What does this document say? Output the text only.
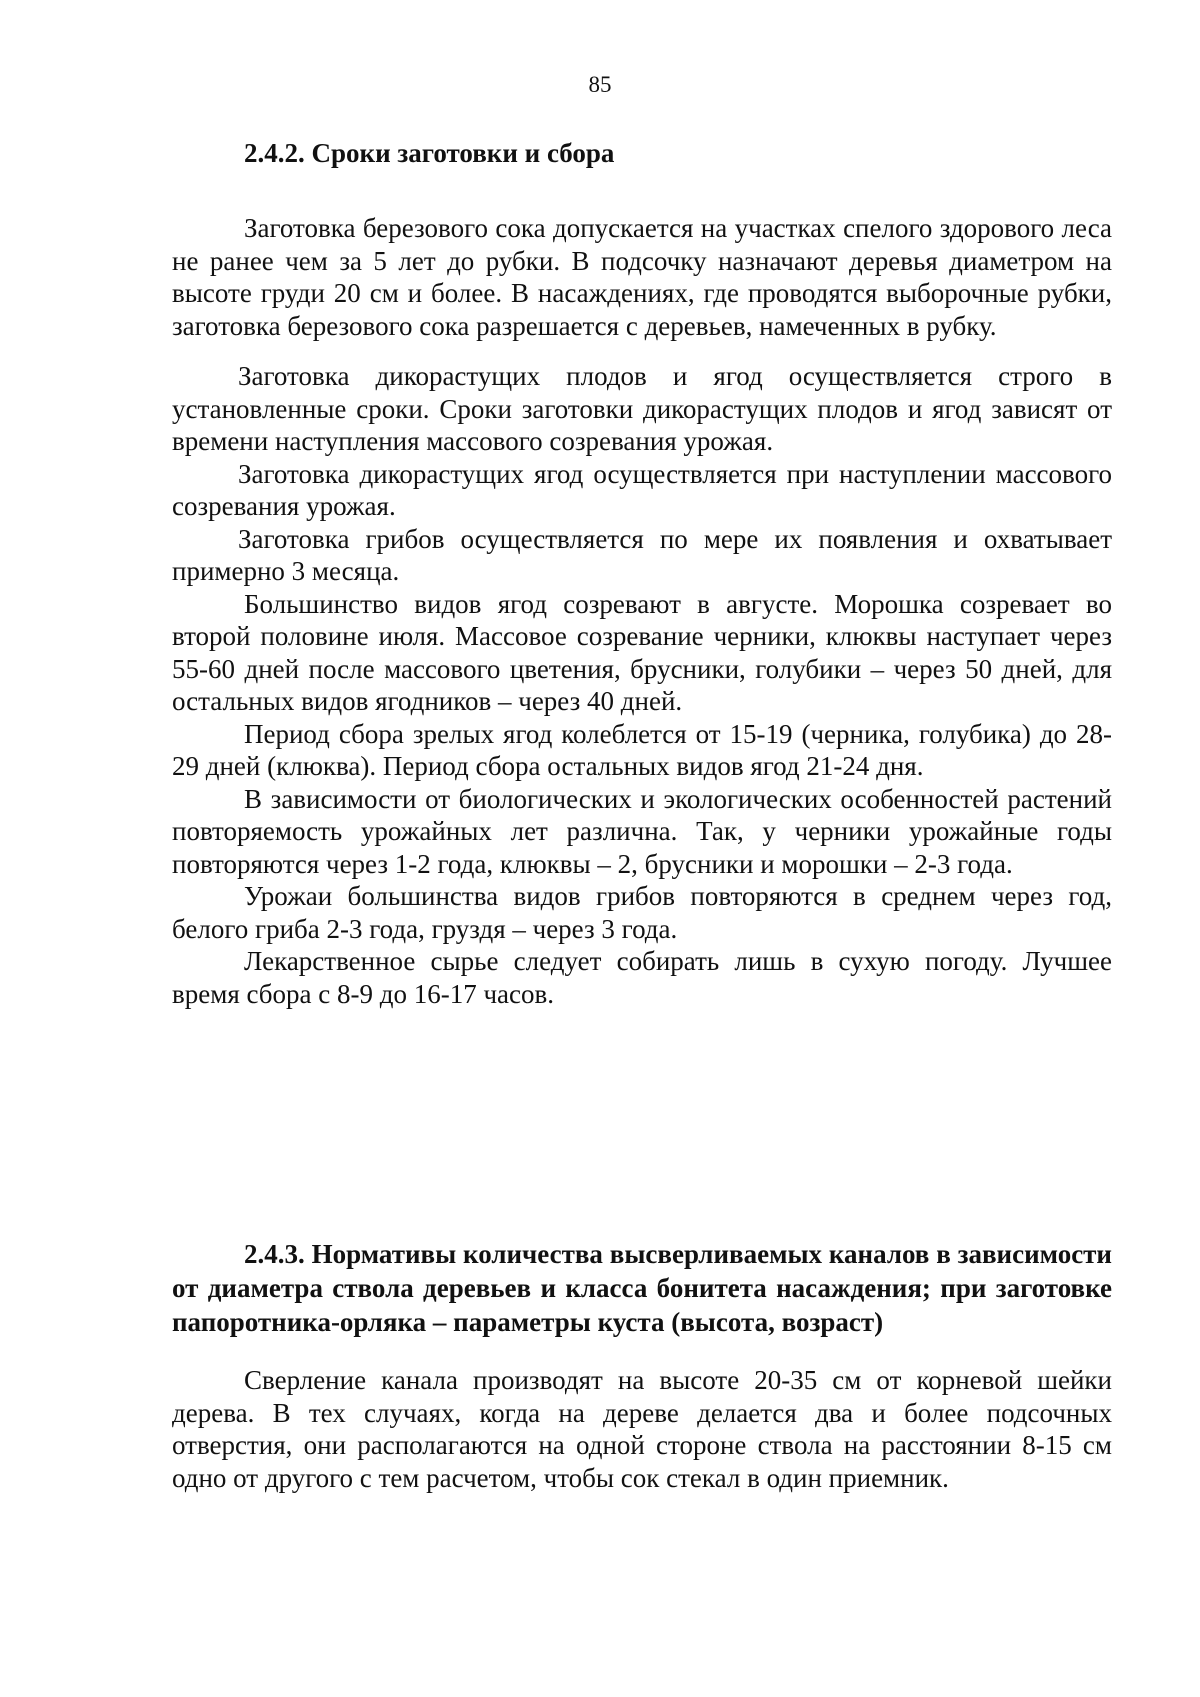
85
2.4.2. Сроки заготовки и сбора

Заготовка березового сока допускается на участках спелого здорового леса не ранее чем за 5 лет до рубки. В подсочку назначают деревья диаметром на высоте груди 20 см и более. В насаждениях, где проводятся выборочные рубки, заготовка березового сока разрешается с деревьев, намеченных в рубку.

Заготовка дикорастущих плодов и ягод осуществляется строго в установленные сроки. Сроки заготовки дикорастущих плодов и ягод зависят от времени наступления массового созревания урожая.

Заготовка дикорастущих ягод осуществляется при наступлении массового созревания урожая.

Заготовка грибов осуществляется по мере их появления и охватывает примерно 3 месяца.

Большинство видов ягод созревают в августе. Морошка созревает во второй половине июля. Массовое созревание черники, клюквы наступает через 55-60 дней после массового цветения, брусники, голубики – через 50 дней, для остальных видов ягодников – через 40 дней.

Период сбора зрелых ягод колеблется от 15-19 (черника, голубика) до 28-29 дней (клюква). Период сбора остальных видов ягод 21-24 дня.

В зависимости от биологических и экологических особенностей растений повторяемость урожайных лет различна. Так, у черники урожайные годы повторяются через 1-2 года, клюквы – 2, брусники и морошки – 2-3 года.

Урожаи большинства видов грибов повторяются в среднем через год, белого гриба 2-3 года, груздя – через 3 года.

Лекарственное сырье следует собирать лишь в сухую погоду. Лучшее время сбора с 8-9 до 16-17 часов.

2.4.3. Нормативы количества высверливаемых каналов в зависимости от диаметра ствола деревьев и класса бонитета насаждения; при заготовке папоротника-орляка – параметры куста (высота, возраст)

Сверление канала производят на высоте 20-35 см от корневой шейки дерева. В тех случаях, когда на дереве делается два и более подсочных отверстия, они располагаются на одной стороне ствола на расстоянии 8-15 см одно от другого с тем расчетом, чтобы сок стекал в один приемник.
